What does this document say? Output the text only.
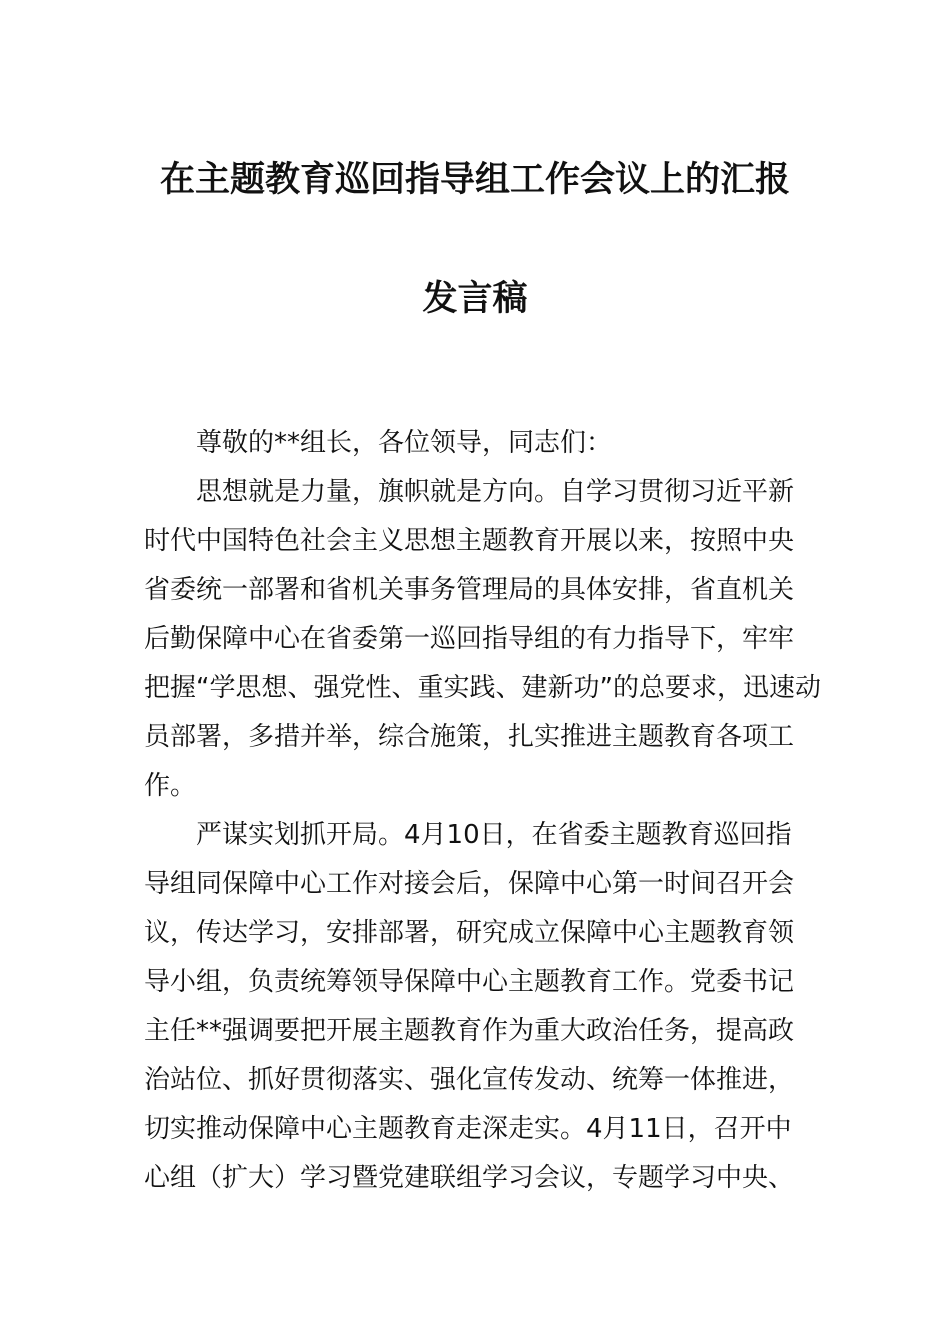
在主题教育巡回指导组工作会议上的汇报
发言稿
尊敬的**组长，各位领导，同志们：
思想就是力量，旗帜就是方向。自学习贯彻习近平新
时代中国特色社会主义思想主题教育开展以来，按照中央
省委统一部署和省机关事务管理局的具体安排，省直机关
后勤保障中心在省委第一巡回指导组的有力指导下，牢牢
把握“学思想、强党性、重实践、建新功”的总要求，迅速动
员部署，多措并举，综合施策，扎实推进主题教育各项工
作。
严谋实划抓开局。4月10日，在省委主题教育巡回指
导组同保障中心工作对接会后，保障中心第一时间召开会
议，传达学习，安排部署，研究成立保障中心主题教育领
导小组，负责统筹领导保障中心主题教育工作。党委书记
主任**强调要把开展主题教育作为重大政治任务，提高政
治站位、抓好贯彻落实、强化宣传发动、统筹一体推进，
切实推动保障中心主题教育走深走实。4月11日，召开中
心组（扩大）学习暨党建联组学习会议，专题学习中央、
